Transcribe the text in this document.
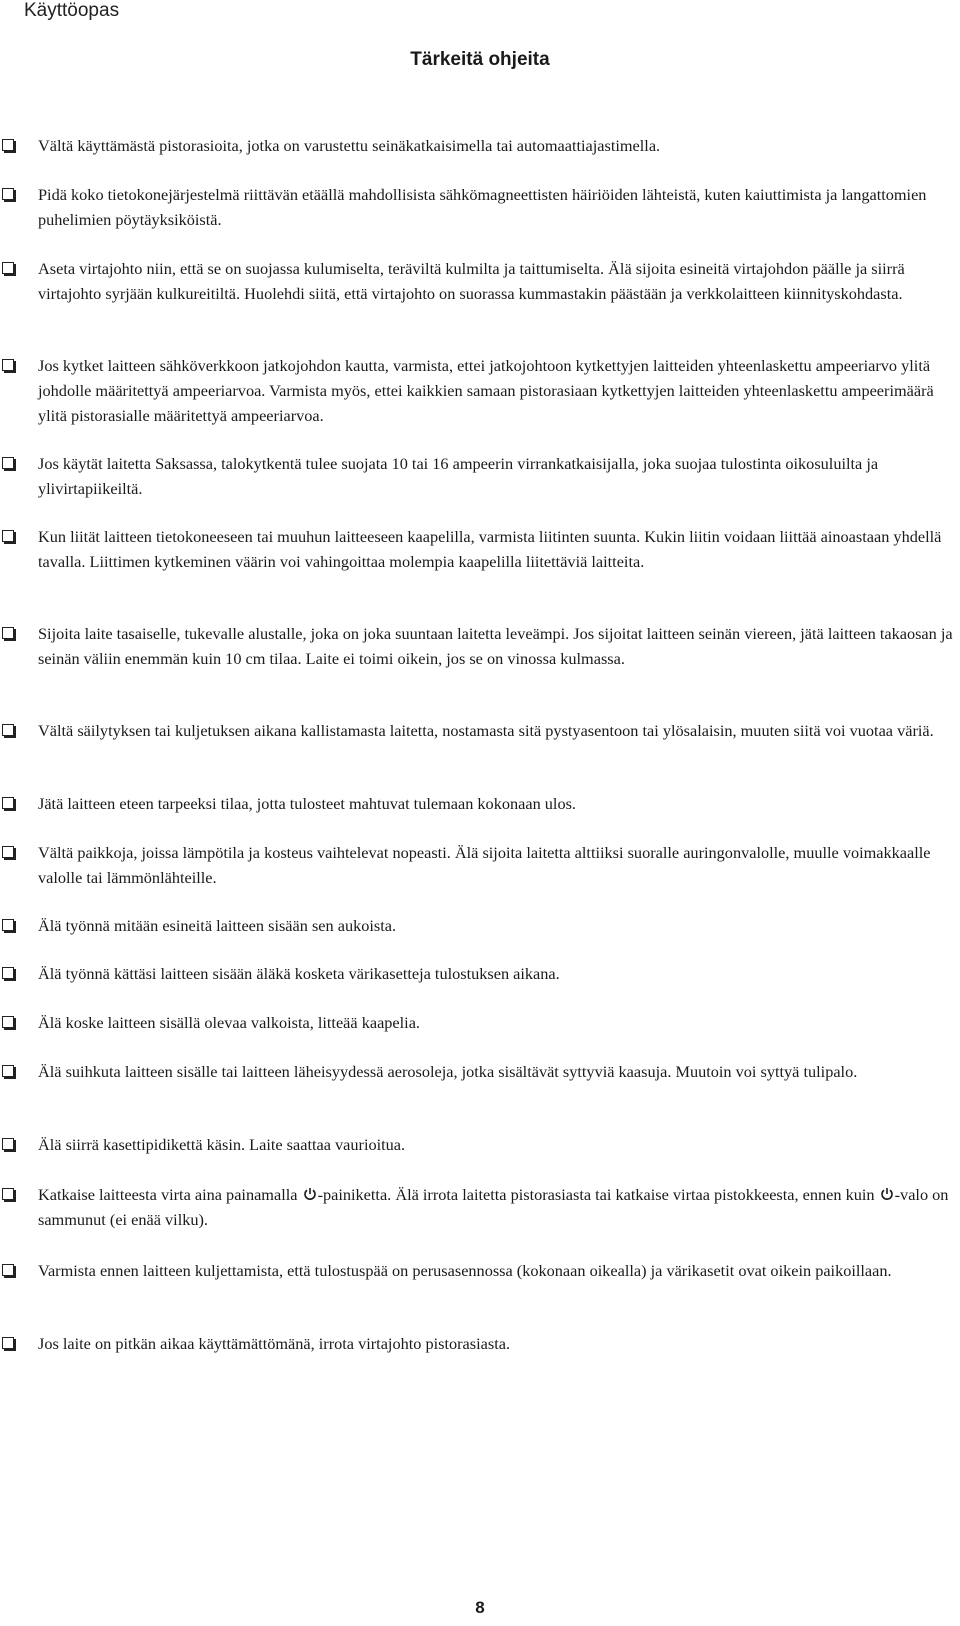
Käyttöopas
Tärkeitä ohjeita
Vältä käyttämästä pistorasioita, jotka on varustettu seinäkatkaisimella tai automaattiajastimella.
Pidä koko tietokonejärjestelmä riittävän etäällä mahdollisista sähkömagneettisten häiriöiden lähteistä, kuten kaiuttimista ja langattomien puhelimien pöytäyksiköistä.
Aseta virtajohto niin, että se on suojassa kulumiselta, teräviltä kulmilta ja taittumiselta. Älä sijoita esineitä virtajohdon päälle ja siirrä virtajohto syrjään kulkureitiltä. Huolehdi siitä, että virtajohto on suorassa kummastakin päästään ja verkkolaitteen kiinnityskohdasta.
Jos kytket laitteen sähköverkkoon jatkojohdon kautta, varmista, ettei jatkojohtoon kytkettyjen laitteiden yhteenlaskettu ampeeriarvo ylitä johdolle määritettyä ampeeriarvoa. Varmista myös, ettei kaikkien samaan pistorasiaan kytkettyjen laitteiden yhteenlaskettu ampeerimäärä ylitä pistorasialle määritettyä ampeeriarvoa.
Jos käytät laitetta Saksassa, talokytkentä tulee suojata 10 tai 16 ampeerin virrankatkaisijalla, joka suojaa tulostinta oikosuluilta ja ylivirtapiikeiltä.
Kun liität laitteen tietokoneeseen tai muuhun laitteeseen kaapelilla, varmista liitinten suunta. Kukin liitin voidaan liittää ainoastaan yhdellä tavalla. Liittimen kytkeminen väärin voi vahingoittaa molempia kaapelilla liitettäviä laitteita.
Sijoita laite tasaiselle, tukevalle alustalle, joka on joka suuntaan laitetta leveämpi. Jos sijoitat laitteen seinän viereen, jätä laitteen takaosan ja seinän väliin enemmän kuin 10 cm tilaa. Laite ei toimi oikein, jos se on vinossa kulmassa.
Vältä säilytyksen tai kuljetuksen aikana kallistamasta laitetta, nostamasta sitä pystyasentoon tai ylösalaisin, muuten siitä voi vuotaa väriä.
Jätä laitteen eteen tarpeeksi tilaa, jotta tulosteet mahtuvat tulemaan kokonaan ulos.
Vältä paikkoja, joissa lämpötila ja kosteus vaihtelevat nopeasti. Älä sijoita laitetta alttiiksi suoralle auringonvalolle, muulle voimakkaalle valolle tai lämmönlähteille.
Älä työnnä mitään esineitä laitteen sisään sen aukoista.
Älä työnnä kättäsi laitteen sisään äläkä kosketa värikasetteja tulostuksen aikana.
Älä koske laitteen sisällä olevaa valkoista, litteää kaapelia.
Älä suihkuta laitteen sisälle tai laitteen läheisyydessä aerosoleja, jotka sisältävät syttyviä kaasuja. Muutoin voi syttyä tulipalo.
Älä siirrä kasettipidikettä käsin. Laite saattaa vaurioitua.
Katkaise laitteesta virta aina painamalla -painiketta. Älä irrota laitetta pistorasiasta tai katkaise virtaa pistokkeesta, ennen kuin -valo on sammunut (ei enää vilku).
Varmista ennen laitteen kuljettamista, että tulostuspää on perusasennossa (kokonaan oikealla) ja värikasetit ovat oikein paikoillaan.
Jos laite on pitkän aikaa käyttämättömänä, irrota virtajohto pistorasiasta.
8
